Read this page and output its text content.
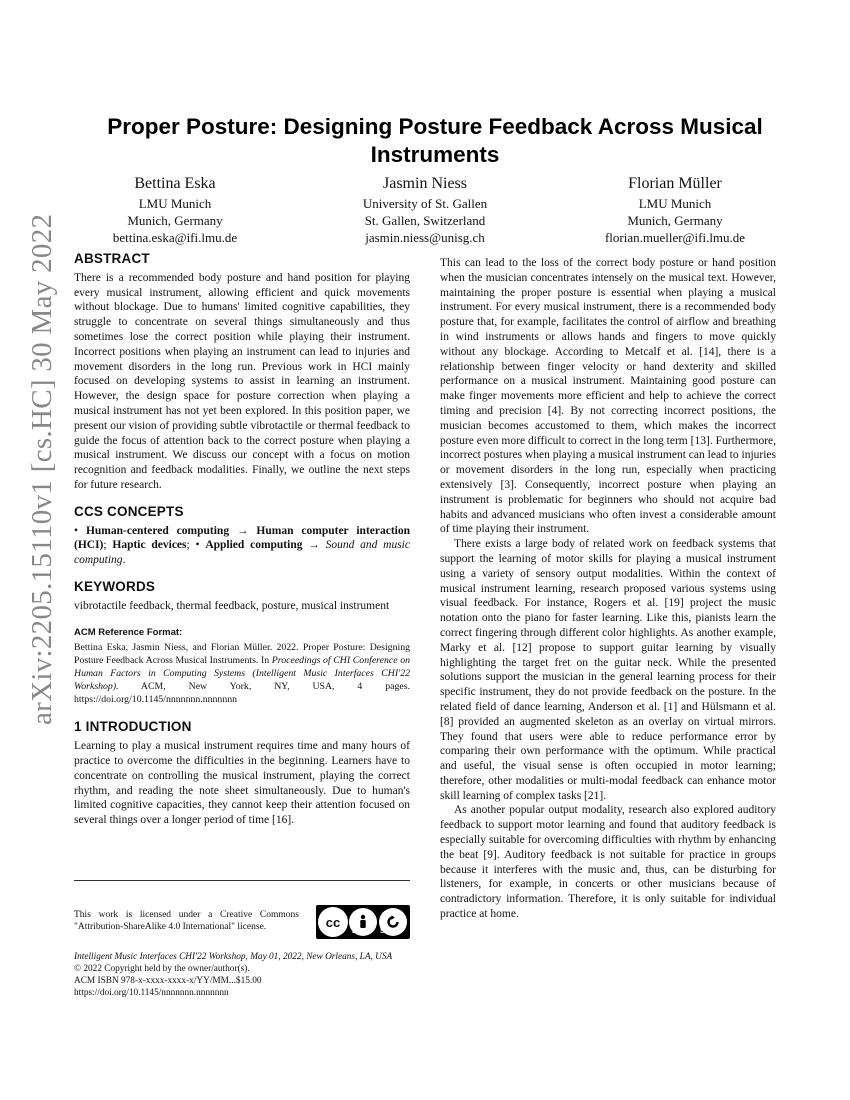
arXiv:2205.15110v1 [cs.HC] 30 May 2022
Proper Posture: Designing Posture Feedback Across Musical Instruments
Bettina Eska
LMU Munich
Munich, Germany
bettina.eska@ifi.lmu.de
Jasmin Niess
University of St. Gallen
St. Gallen, Switzerland
jasmin.niess@unisg.ch
Florian Müller
LMU Munich
Munich, Germany
florian.mueller@ifi.lmu.de
ABSTRACT

There is a recommended body posture and hand position for playing every musical instrument, allowing efficient and quick movements without blockage. Due to humans' limited cognitive capabilities, they struggle to concentrate on several things simultaneously and thus sometimes lose the correct position while playing their instrument. Incorrect positions when playing an instrument can lead to injuries and movement disorders in the long run. Previous work in HCI mainly focused on developing systems to assist in learning an instrument. However, the design space for posture correction when playing a musical instrument has not yet been explored. In this position paper, we present our vision of providing subtle vibrotactile or thermal feedback to guide the focus of attention back to the correct posture when playing a musical instrument. We discuss our concept with a focus on motion recognition and feedback modalities. Finally, we outline the next steps for future research.

CCS CONCEPTS

• Human-centered computing → Human computer interaction (HCI); Haptic devices; • Applied computing → Sound and music computing.

KEYWORDS

vibrotactile feedback, thermal feedback, posture, musical instrument

ACM Reference Format:

Bettina Eska, Jasmin Niess, and Florian Müller. 2022. Proper Posture: Designing Posture Feedback Across Musical Instruments. In Proceedings of CHI Conference on Human Factors in Computing Systems (Intelligent Music Interfaces CHI'22 Workshop). ACM, New York, NY, USA, 4 pages. https://doi.org/10.1145/nnnnnnn.nnnnnnn

1 INTRODUCTION

Learning to play a musical instrument requires time and many hours of practice to overcome the difficulties in the beginning. Learners have to concentrate on controlling the musical instrument, playing the correct rhythm, and reading the note sheet simultaneously. Due to human's limited cognitive capacities, they cannot keep their attention focused on several things over a longer period of time [16].

This work is licensed under a Creative Commons "Attribution-ShareAlike 4.0 International" license.	cc
BY	SA
Intelligent Music Interfaces CHI'22 Workshop, May 01, 2022, New Orleans, LA, USA
© 2022 Copyright held by the owner/author(s).
ACM ISBN 978-x-xxxx-xxxx-x/YY/MM...$15.00
https://doi.org/10.1145/nnnnnnn.nnnnnnn

This can lead to the loss of the correct body posture or hand position when the musician concentrates intensely on the musical text. However, maintaining the proper posture is essential when playing a musical instrument. For every musical instrument, there is a recommended body posture that, for example, facilitates the control of airflow and breathing in wind instruments or allows hands and fingers to move quickly without any blockage. According to Metcalf et al. [14], there is a relationship between finger velocity or hand dexterity and skilled performance on a musical instrument. Maintaining good posture can make finger movements more efficient and help to achieve the correct timing and precision [4]. By not correcting incorrect positions, the musician becomes accustomed to them, which makes the incorrect posture even more difficult to correct in the long term [13]. Furthermore, incorrect postures when playing a musical instrument can lead to injuries or movement disorders in the long run, especially when practicing extensively [3]. Consequently, incorrect posture when playing an instrument is problematic for beginners who should not acquire bad habits and advanced musicians who often invest a considerable amount of time playing their instrument.

There exists a large body of related work on feedback systems that support the learning of motor skills for playing a musical instrument using a variety of sensory output modalities. Within the context of musical instrument learning, research proposed various systems using visual feedback. For instance, Rogers et al. [19] project the music notation onto the piano for faster learning. Like this, pianists learn the correct fingering through different color highlights. As another example, Marky et al. [12] propose to support guitar learning by visually highlighting the target fret on the guitar neck. While the presented solutions support the musician in the general learning process for their specific instrument, they do not provide feedback on the posture. In the related field of dance learning, Anderson et al. [1] and Hülsmann et al. [8] provided an augmented skeleton as an overlay on virtual mirrors. They found that users were able to reduce performance error by comparing their own performance with the optimum. While practical and useful, the visual sense is often occupied in motor learning; therefore, other modalities or multi-modal feedback can enhance motor skill learning of complex tasks [21].

As another popular output modality, research also explored auditory feedback to support motor learning and found that auditory feedback is especially suitable for overcoming difficulties with rhythm by enhancing the beat [9]. Auditory feedback is not suitable for practice in groups because it interferes with the music and, thus, can be disturbing for listeners, for example, in concerts or other musicians because of contradictory information. Therefore, it is only suitable for individual practice at home.
